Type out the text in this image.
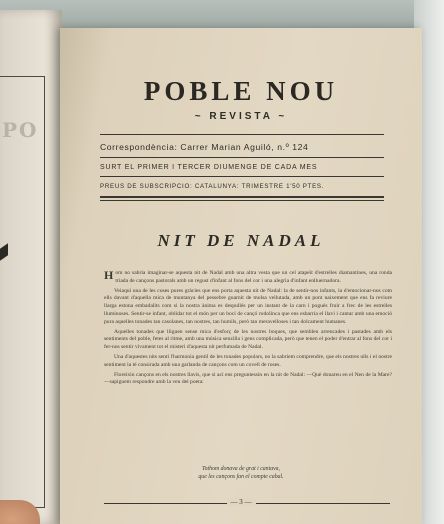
PO
POBLE NOU
~ REVISTA ~
Correspondència: Carrer Marian Aguiló, n.º 124
SURT EL PRIMER I TERCER DIUMENGE DE CADA MES
PREUS DE SUBSCRIPCIÓ: CATALUNYA: TRIMESTRE 1'50 PTES.
NIT DE NADAL

Hom no sabria imaginar-se aquesta nit de Nadal amb una altra vesta que un cel atapeït d'estrelles diamantines, una ronda triada de cançons pastorals amb un regust d'infant al fons del cor i una alegria d'infant enlluernadora.

Veiaquí una de les coses pures gràcies que ens porta aquesta nit de Nadal: la de sentir-nos infants, la d'emocionar-nos com ells davant d'aquella mica de muntanya del pessebre guarnit de molsa vellutada, amb un pont naixement que ens fa reviure llarga estona embadalits com si la nostra ànima es despullés per un instant de la carn i pogués fruir a frec de les estrelles lluminoses. Sentir-se infant, oblidar tot el món per un bocí de cançó rodolinca que ens esbarria el llavi i cantar amb una emoció pura aquelles tonades tan casolanes, tan nostres, tan humils, però tan meravelloses i tan dolcament humanes.

Aquelles tonades que lliguen sense mica d'esforç de les nostres boques, que semblen arrencades i pastades amb els sentiments del poble, fetes al ritme, amb una música senzilla i gens complicada, però que tenen el poder d'entrar al fons del cor i fer-nos sentir vivament tot el misteri d'aquesta nit perfumada de Nadal.

Una d'aquestes nits sentí l'harmonia gentil de les tonades populars, no la sabríem comprendre, que els nostres ulls i el nostre sentiment la té consirada amb una garlanda de cançons com un covell de roses.

Floreixin cançons en els nostres llavis, que si ací ens preguntessin en la nit de Nadal: —Què donareu en el Nen de la Mare? —sapiguem respondre amb la veu del poeta:

Tothom donava de grat i cantava,
que les cançons fan el compte cabal.
— 3 —
